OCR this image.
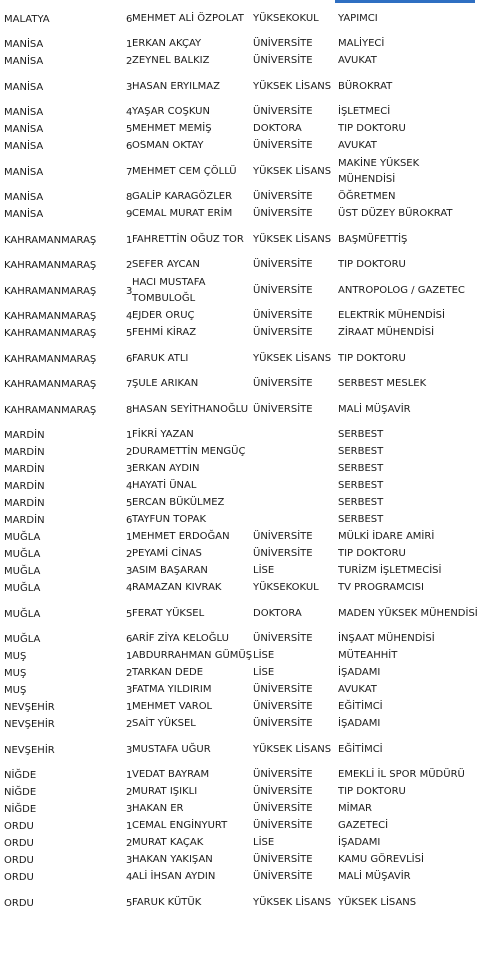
MALATYA	6	MEHMET ALİ ÖZPOLAT	YÜKSEKOKUL	YAPIMCI
MANİSA	1	ERKAN AKÇAY	ÜNİVERSİTE	MALİYECİ
MANİSA	2	ZEYNEL BALKIZ	ÜNİVERSİTE	AVUKAT
MANİSA	3	HASAN ERYILMAZ	YÜKSEK LİSANS	BÜROKRAT
MANİSA	4	YAŞAR COŞKUN	ÜNİVERSİTE	İŞLETMECİ
MANİSA	5	MEHMET MEMİŞ	DOKTORA	TIP DOKTORU
MANİSA	6	OSMAN OKTAY	ÜNİVERSİTE	AVUKAT
MANİSA	7	MEHMET CEM ÇÖLLÜ	YÜKSEK LİSANS	MAKİNE YÜKSEK MÜHENDİSİ
MANİSA	8	GALİP KARAGÖZLER	ÜNİVERSİTE	ÖĞRETMEN
MANİSA	9	CEMAL MURAT ERİM	ÜNİVERSİTE	ÜST DÜZEY BÜROKRAT
KAHRAMANMARAŞ	1	FAHRETTİN OĞUZ TOR	YÜKSEK LİSANS	BAŞMÜFETTİŞ
KAHRAMANMARAŞ	2	SEFER AYCAN	ÜNİVERSİTE	TIP DOKTORU
KAHRAMANMARAŞ	3	HACI MUSTAFA TOMBULOĞL	ÜNİVERSİTE	ANTROPOLOG / GAZETEC
KAHRAMANMARAŞ	4	EJDER ORUÇ	ÜNİVERSİTE	ELEKTRİK MÜHENDİSİ
KAHRAMANMARAŞ	5	FEHMİ KİRAZ	ÜNİVERSİTE	ZİRAAT MÜHENDİSİ
KAHRAMANMARAŞ	6	FARUK ATLI	YÜKSEK LİSANS	TIP DOKTORU
KAHRAMANMARAŞ	7	ŞULE ARIKAN	ÜNİVERSİTE	SERBEST MESLEK
KAHRAMANMARAŞ	8	HASAN SEYİTHANOĞLU	ÜNİVERSİTE	MALİ MÜŞAVİR
MARDİN	1	FİKRİ YAZAN		SERBEST
MARDİN	2	DURAMETTİN MENGÜÇ		SERBEST
MARDİN	3	ERKAN AYDIN		SERBEST
MARDİN	4	HAYATİ ÜNAL		SERBEST
MARDİN	5	ERCAN BÜKÜLMEZ		SERBEST
MARDİN	6	TAYFUN TOPAK		SERBEST
MUĞLA	1	MEHMET ERDOĞAN	ÜNİVERSİTE	MÜLKİ İDARE AMİRİ
MUĞLA	2	PEYAMİ CİNAS	ÜNİVERSİTE	TIP DOKTORU
MUĞLA	3	ASIM BAŞARAN	LİSE	TURİZM İŞLETMECİSİ
MUĞLA	4	RAMAZAN KIVRAK	YÜKSEKOKUL	TV PROGRAMCISI
MUĞLA	5	FERAT YÜKSEL	DOKTORA	MADEN YÜKSEK MÜHENDİSİ
MUĞLA	6	ARİF ZİYA KELOĞLU	ÜNİVERSİTE	İNŞAAT MÜHENDİSİ
MUŞ	1	ABDURRAHMAN GÜMÜŞ	LİSE	MÜTEAHHİT
MUŞ	2	TARKAN DEDE	LİSE	İŞADAMI
MUŞ	3	FATMA YILDIRIM	ÜNİVERSİTE	AVUKAT
NEVŞEHİR	1	MEHMET VAROL	ÜNİVERSİTE	EĞİTİMCİ
NEVŞEHİR	2	SAİT YÜKSEL	ÜNİVERSİTE	İŞADAMI
NEVŞEHİR	3	MUSTAFA UĞUR	YÜKSEK LİSANS	EĞİTİMCİ
NİĞDE	1	VEDAT BAYRAM	ÜNİVERSİTE	EMEKLİ İL SPOR MÜDÜRÜ
NİĞDE	2	MURAT IŞIKLI	ÜNİVERSİTE	TIP DOKTORU
NİĞDE	3	HAKAN ER	ÜNİVERSİTE	MİMAR
ORDU	1	CEMAL ENGİNYURT	ÜNİVERSİTE	GAZETECİ
ORDU	2	MURAT KAÇAK	LİSE	İŞADAMI
ORDU	3	HAKAN YAKIŞAN	ÜNİVERSİTE	KAMU GÖREVLİSİ
ORDU	4	ALİ İHSAN AYDIN	ÜNİVERSİTE	MALİ MÜŞAVİR
ORDU	5	FARUK KÜTÜK	YÜKSEK LİSANS	YÜKSEK LİSANS
